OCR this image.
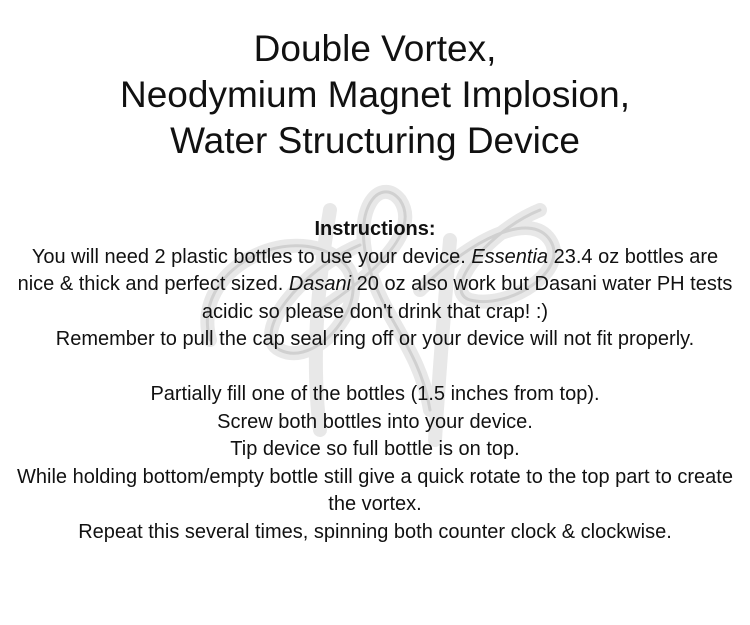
Double Vortex,
Neodymium Magnet Implosion,
Water Structuring Device

Instructions:

You will need 2 plastic bottles to use your device. Essentia 23.4 oz bottles are nice & thick and perfect sized. Dasani 20 oz also work but Dasani water PH tests acidic so please don't drink that crap! :)

Remember to pull the cap seal ring off or your device will not fit properly.

Partially fill one of the bottles (1.5 inches from top).

Screw both bottles into your device.

Tip device so full bottle is on top.

While holding bottom/empty bottle still give a quick rotate to the top part to create the vortex.

Repeat this several times, spinning both counter clock & clockwise.
